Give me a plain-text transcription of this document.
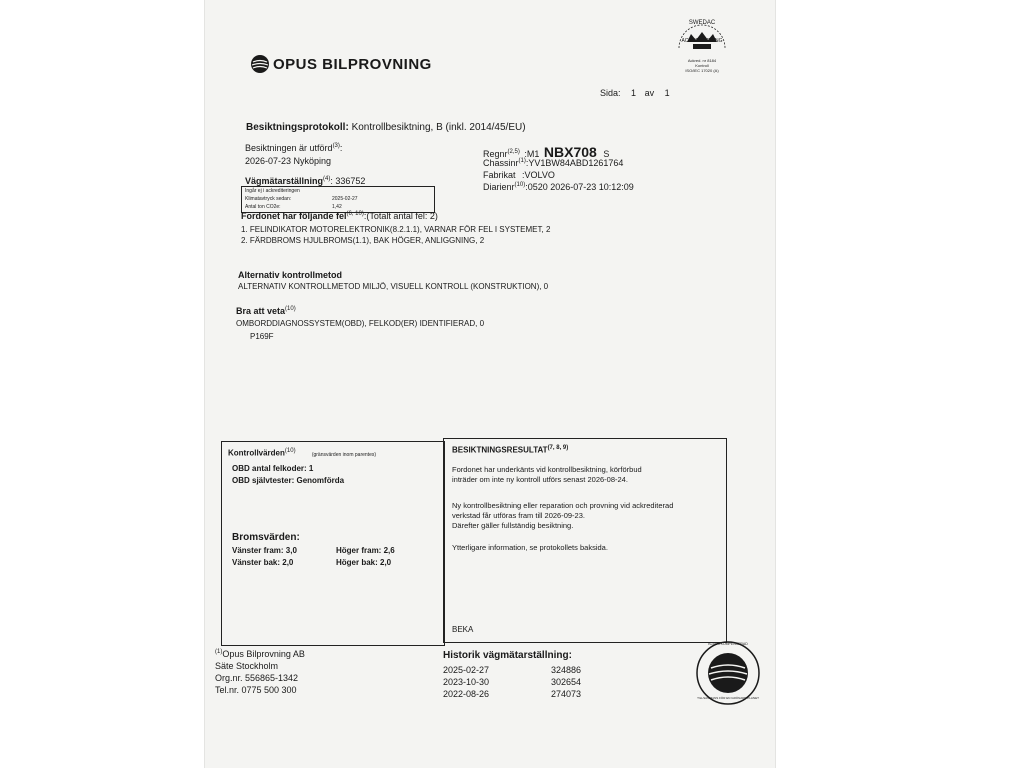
OPUS BILPROVNING
ACKREDITERING
SWEDAC
Ackred. nr 8184
Kontroll
ISO/IEC 17020 (A)
Sida: 1 av 1
Besiktningsprotokoll: Kontrollbesiktning, B (inkl. 2014/45/EU)
Besiktningen är utförd$^{(3)}$:
2026-07-23 Nyköping
Vägmätarställning$^{(4)}$: 336752
Regnr$^{(2,5)}$ :M1 NBX708 S
Chassinr$^{(1)}$:YV1BW84ABD1261764
Fabrikat :VOLVO
Diarienr$^{(10)}$:0520 2026-07-23 10:12:09
Ingår ej i ackrediteringen
Klimatavtryck sedan:	2025-02-27
Antal ton CO2e:	1,42
Fordonet har följande fel$^{(6, 10)}$:(Totalt antal fel: 2)
1. FELINDIKATOR MOTORELEKTRONIK(8.2.1.1), VARNAR FÖR FEL I SYSTEMET, 2
2. FÄRDBROMS HJULBROMS(1.1), BAK HÖGER, ANLIGGNING, 2
Alternativ kontrollmetod
ALTERNATIV KONTROLLMETOD MILJÖ, VISUELL KONTROLL (KONSTRUKTION), 0
Bra att veta$^{(10)}$
OMBORDDIAGNOSSYSTEM(OBD), FELKOD(ER) IDENTIFIERAD, 0
P169F
Kontrollvärden$^{(10)}$ (gränsvärden inom parentes)
OBD antal felkoder: 1
OBD självtester: Genomförda
Bromsvärden:
Vänster fram: 3,0	Höger fram: 2,6
Vänster bak: 2,0	Höger bak: 2,0
BESIKTNINGSRESULTAT$^{(7, 8, 9)}$
Fordonet har underkänts vid kontrollbesiktning, körförbud
inträder om inte ny kontroll utförs senast 2026-08-24.
Ny kontrollbesiktning eller reparation och provning vid ackrediterad
verkstad får utföras fram till 2026-09-23.
Därefter gäller fullständig besiktning.
Ytterligare information, se protokollets baksida.
BEKA
$^{(1)}$Opus Bilprovning AB
Säte Stockholm
Org.nr. 556865-1342
Tel.nr. 0775 500 300
Historik vägmätarställning:
2025-02-27	324886
2023-10-30	302654
2022-08-26	274073
KLIMATKOMPENSERAD
TILLSAMMANS FÖR EN GRÖNARE PLANET
